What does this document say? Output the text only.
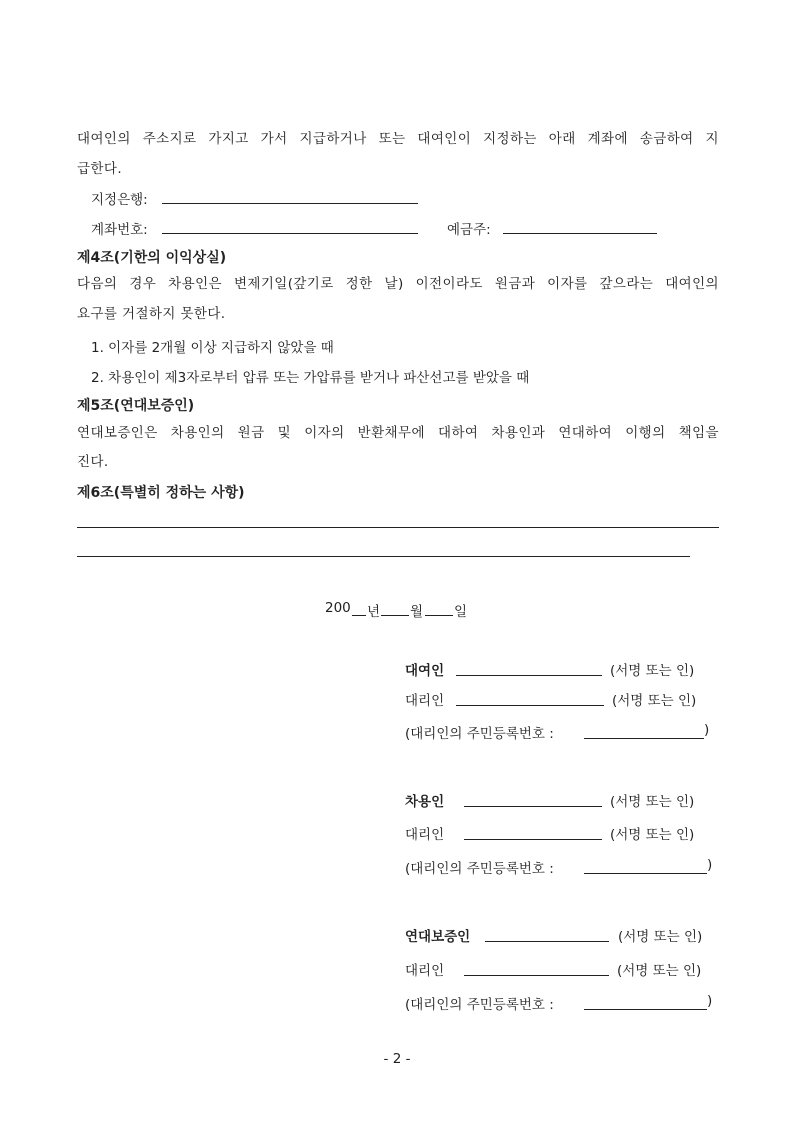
대여인의 주소지로 가지고 가서 지급하거나 또는 대여인이 지정하는 아래 계좌에 송금하여 지
급한다.
지정은행:
계좌번호:	예금주:
제4조(기한의 이익상실)
다음의 경우 차용인은 변제기일(갚기로 정한 날) 이전이라도 원금과 이자를 갚으라는 대여인의
요구를 거절하지 못한다.
1. 이자를 2개월 이상 지급하지 않았을 때
2. 차용인이 제3자로부터 압류 또는 가압류를 받거나 파산선고를 받았을 때
제5조(연대보증인)
연대보증인은 차용인의 원금 및 이자의 반환채무에 대하여 차용인과 연대하여 이행의 책임을
진다.
제6조(특별히 정하는 사항)
200 년 월 일
대여인	(서명 또는 인)
대리인	(서명 또는 인)
(대리인의 주민등록번호 :	)
차용인	(서명 또는 인)
대리인	(서명 또는 인)
(대리인의 주민등록번호 :	)
연대보증인	(서명 또는 인)
대리인	(서명 또는 인)
(대리인의 주민등록번호 :	)
- 2 -
